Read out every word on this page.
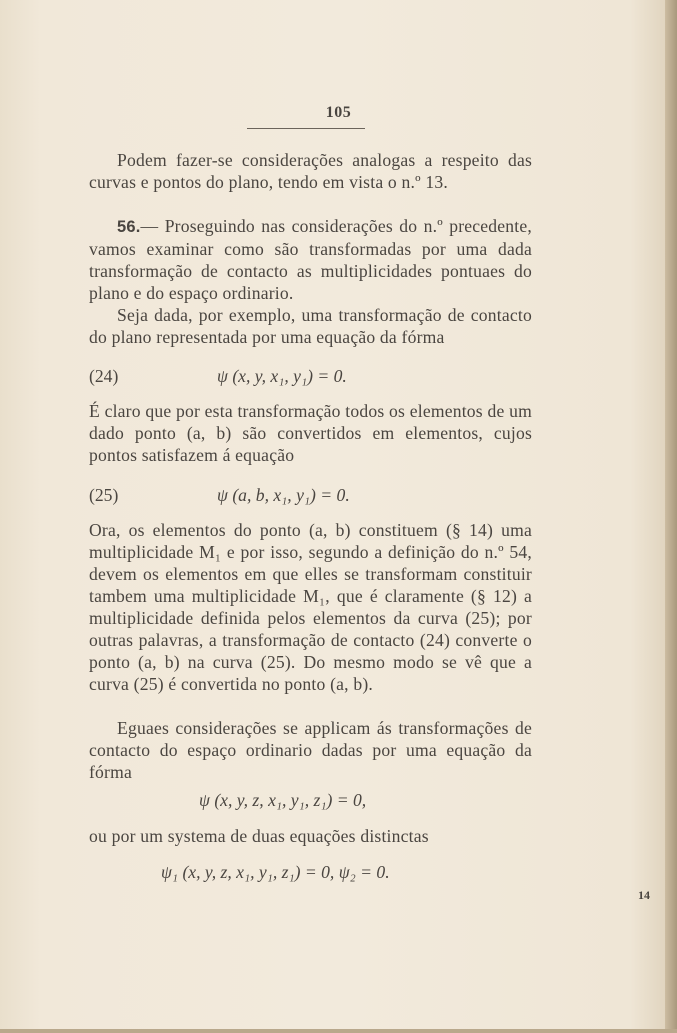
105

Podem fazer-se considerações analogas a respeito das curvas e pontos do plano, tendo em vista o n.º 13.

56.— Proseguindo nas considerações do n.º precedente, vamos examinar como são transformadas por uma dada transformação de contacto as multiplicidades pontuaes do plano e do espaço ordinario.

Seja dada, por exemplo, uma transformação de contacto do plano representada por uma equação da fórma

(24)	ψ (x, y, x₁, y₁) = 0.

É claro que por esta transformação todos os elementos de um dado ponto (a, b) são convertidos em elementos, cujos pontos satisfazem á equação

(25)	ψ (a, b, x₁, y₁) = 0.

Ora, os elementos do ponto (a, b) constituem (§ 14) uma multiplicidade M₁ e por isso, segundo a definição do n.º 54, devem os elementos em que elles se transformam constituir tambem uma multiplicidade M₁, que é claramente (§ 12) a multiplicidade definida pelos elementos da curva (25); por outras palavras, a transformação de contacto (24) converte o ponto (a, b) na curva (25). Do mesmo modo se vê que a curva (25) é convertida no ponto (a, b).

Eguaes considerações se applicam ás transformações de contacto do espaço ordinario dadas por uma equação da fórma

ψ (x, y, z, x₁, y₁, z₁) = 0,

ou por um systema de duas equações distinctas

ψ₁ (x, y, z, x₁, y₁, z₁) = 0, ψ₂ = 0.
14
